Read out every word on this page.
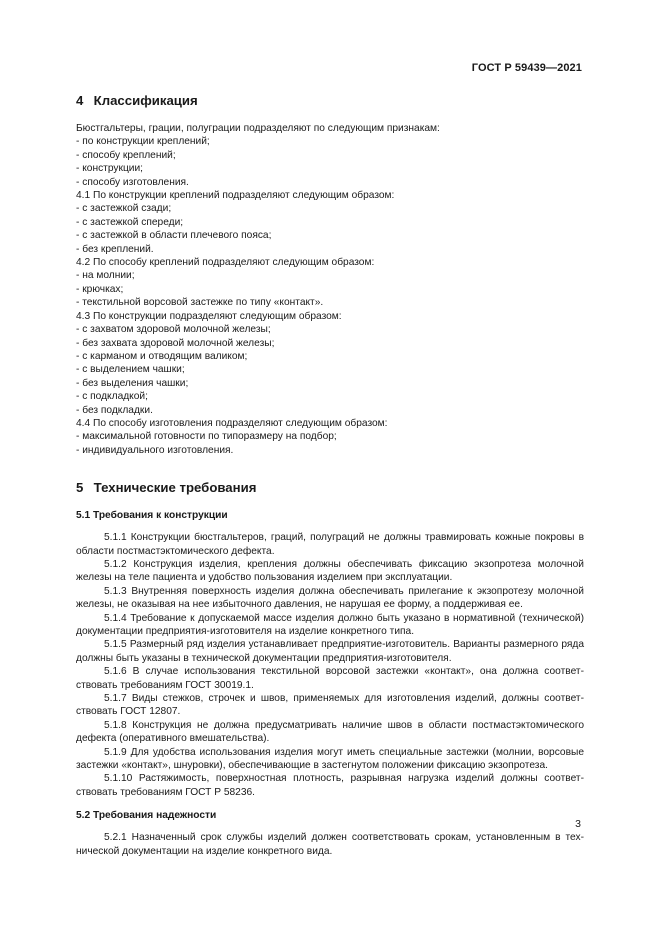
ГОСТ Р 59439—2021
4 Классификация

Бюстгальтеры, грации, полуграции подразделяют по следующим признакам:

- по конструкции креплений;

- способу креплений;

- конструкции;

- способу изготовления.

4.1 По конструкции креплений подразделяют следующим образом:

- с застежкой сзади;

- с застежкой спереди;

- с застежкой в области плечевого пояса;

- без креплений.

4.2 По способу креплений подразделяют следующим образом:

- на молнии;

- крючках;

- текстильной ворсовой застежке по типу «контакт».

4.3 По конструкции подразделяют следующим образом:

- с захватом здоровой молочной железы;

- без захвата здоровой молочной железы;

- с карманом и отводящим валиком;

- с выделением чашки;

- без выделения чашки;

- с подкладкой;

- без подкладки.

4.4 По способу изготовления подразделяют следующим образом:

- максимальной готовности по типоразмеру на подбор;

- индивидуального изготовления.

5 Технические требования
5.1 Требования к конструкции

5.1.1 Конструкции бюстгальтеров, граций, полуграций не должны травмировать кожные покровы в области постмастэктомического дефекта.

5.1.2 Конструкция изделия, крепления должны обеспечивать фиксацию экзопротеза молочной железы на теле пациента и удобство пользования изделием при эксплуатации.

5.1.3 Внутренняя поверхность изделия должна обеспечивать прилегание к экзопротезу молочной железы, не оказывая на нее избыточного давления, не нарушая ее форму, а поддерживая ее.

5.1.4 Требование к допускаемой массе изделия должно быть указано в нормативной (технической) документации предприятия-изготовителя на изделие конкретного типа.

5.1.5 Размерный ряд изделия устанавливает предприятие-изготовитель. Варианты размерного ряда должны быть указаны в технической документации предприятия-изготовителя.

5.1.6 В случае использования текстильной ворсовой застежки «контакт», она должна соответствовать требованиям ГОСТ 30019.1.

5.1.7 Виды стежков, строчек и швов, применяемых для изготовления изделий, должны соответствовать ГОСТ 12807.

5.1.8 Конструкция не должна предусматривать наличие швов в области постмастэктомического дефекта (оперативного вмешательства).

5.1.9 Для удобства использования изделия могут иметь специальные застежки (молнии, ворсовые застежки «контакт», шнуровки), обеспечивающие в застегнутом положении фиксацию экзопротеза.

5.1.10 Растяжимость, поверхностная плотность, разрывная нагрузка изделий должны соответствовать требованиям ГОСТ Р 58236.

5.2 Требования надежности

5.2.1 Назначенный срок службы изделий должен соответствовать срокам, установленным в технической документации на изделие конкретного вида.

3
